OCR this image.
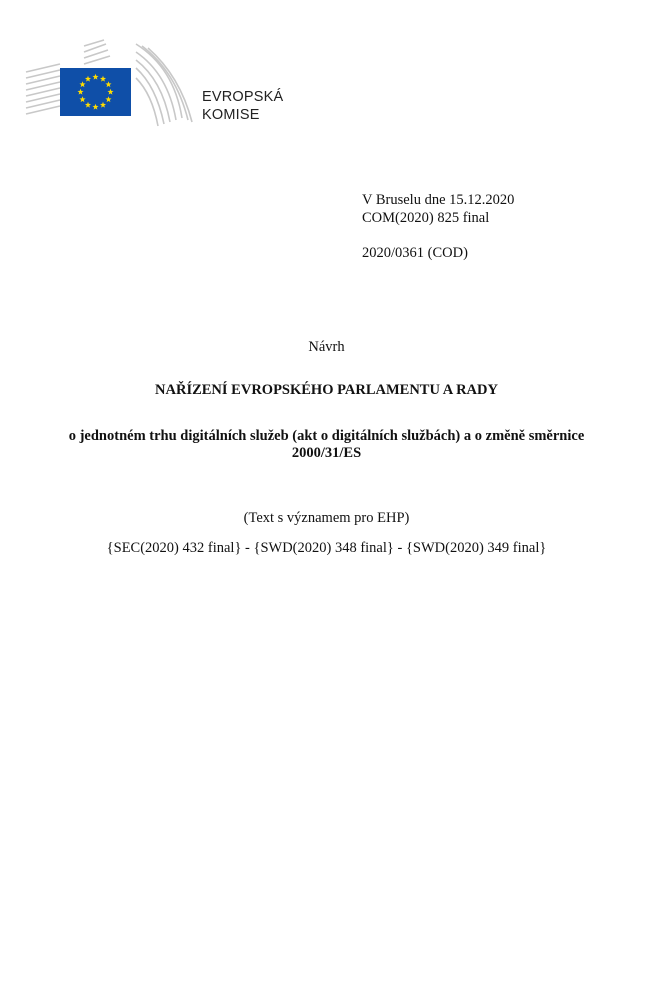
EVROPSKÁ
KOMISE
V Bruselu dne 15.12.2020
COM(2020) 825 final
2020/0361 (COD)
Návrh
NAŘÍZENÍ EVROPSKÉHO PARLAMENTU A RADY
o jednotném trhu digitálních služeb (akt o digitálních službách) a o změně směrnice
2000/31/ES
(Text s významem pro EHP)
{SEC(2020) 432 final} - {SWD(2020) 348 final} - {SWD(2020) 349 final}
